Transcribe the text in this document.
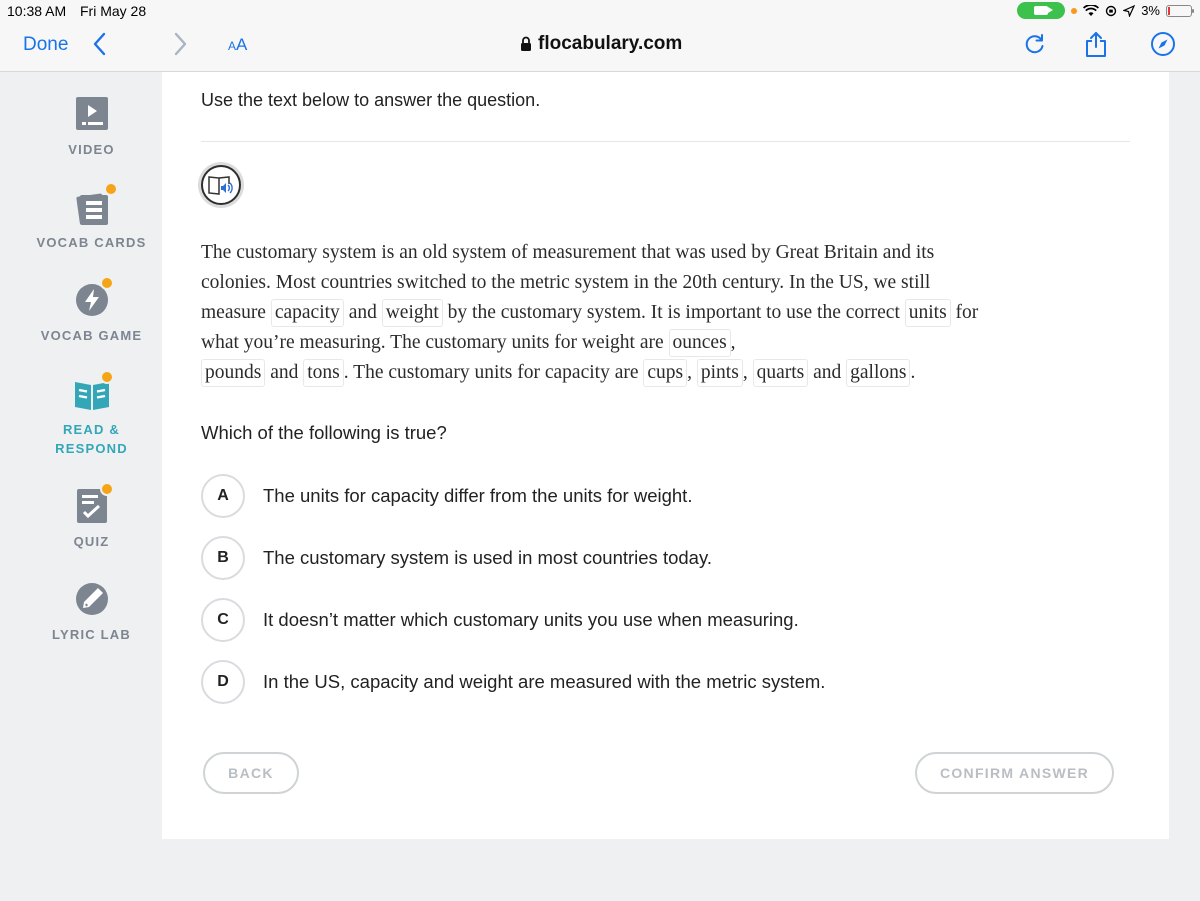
10:38 AM Fri May 28	3%
Done	AA	flocabulary.com
VIDEO
VOCAB CARDS
VOCAB GAME
READ &
RESPOND
QUIZ
LYRIC LAB
Use the text below to answer the question.
The customary system is an old system of measurement that was used by Great Britain and its colonies. Most countries switched to the metric system in the 20th century. In the US, we still measure capacity and weight by the customary system. It is important to use the correct units for what you’re measuring. The customary units for weight are ounces ,
pounds and tons . The customary units for capacity are cups , pints , quarts and gallons .
Which of the following is true?
A	The units for capacity differ from the units for weight.
B	The customary system is used in most countries today.
C	It doesn’t matter which customary units you use when measuring.
D	In the US, capacity and weight are measured with the metric system.
BACK	CONFIRM ANSWER
